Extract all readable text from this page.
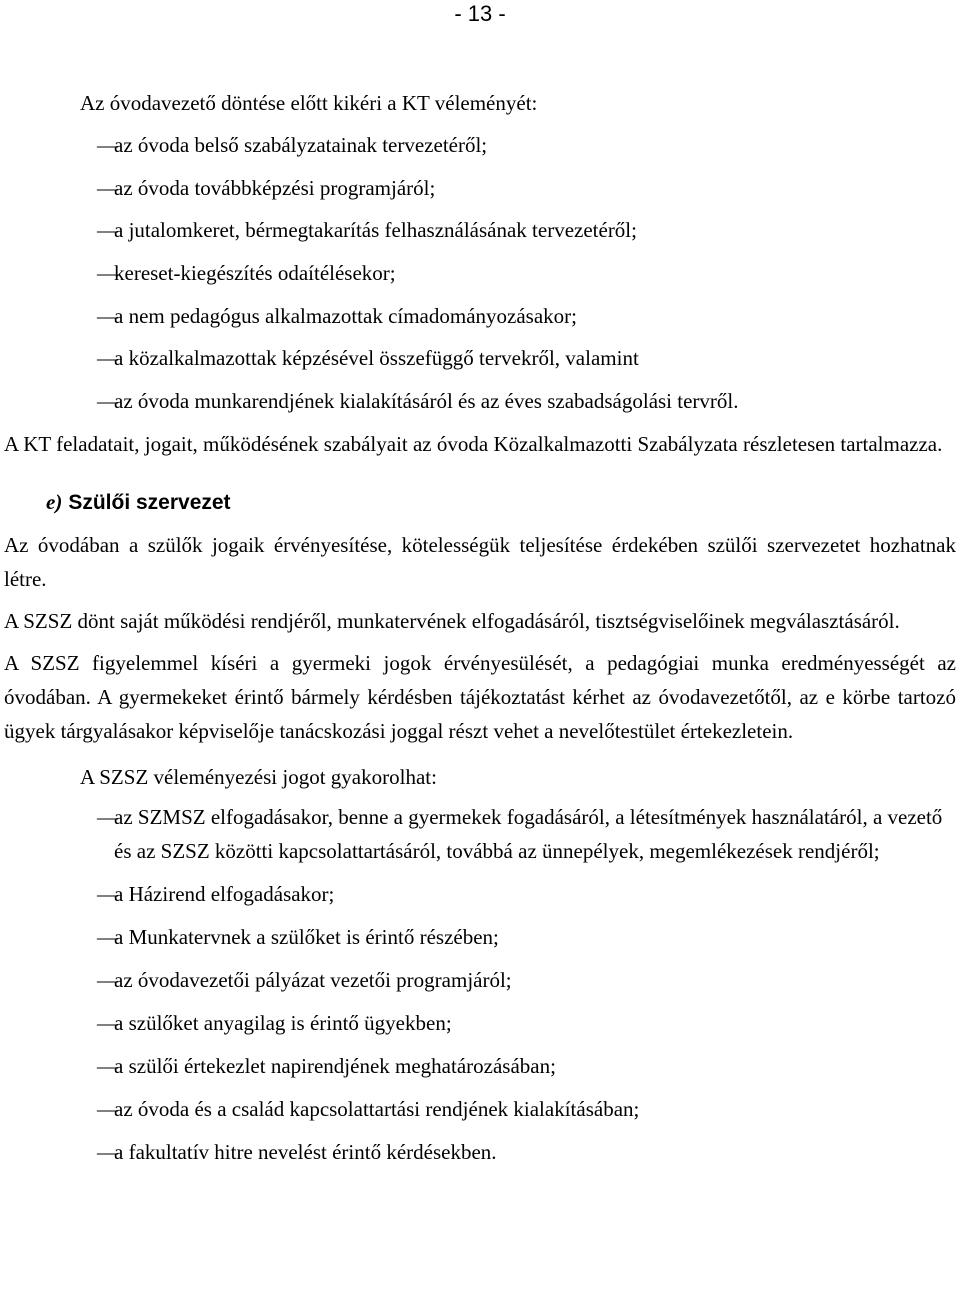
- 13 -

Az óvodavezető döntése előtt kikéri a KT véleményét:

— az óvoda belső szabályzatainak tervezetéről;
— az óvoda továbbképzési programjáról;
— a jutalomkeret, bérmegtakarítás felhasználásának tervezetéről;
— kereset-kiegészítés odaítélésekor;
— a nem pedagógus alkalmazottak címadományozásakor;
— a közalkalmazottak képzésével összefüggő tervekről, valamint
— az óvoda munkarendjének kialakításáról és az éves szabadságolási tervről.

A KT feladatait, jogait, működésének szabályait az óvoda Közalkalmazotti Szabályzata részletesen tartalmazza.

e) Szülői szervezet

Az óvodában a szülők jogaik érvényesítése, kötelességük teljesítése érdekében szülői szervezetet hozhatnak létre.

A SZSZ dönt saját működési rendjéről, munkatervének elfogadásáról, tisztségviselőinek megválasztásáról.

A SZSZ figyelemmel kíséri a gyermeki jogok érvényesülését, a pedagógiai munka eredményességét az óvodában. A gyermekeket érintő bármely kérdésben tájékoztatást kérhet az óvodavezetőtől, az e körbe tartozó ügyek tárgyalásakor képviselője tanácskozási joggal részt vehet a nevelőtestület értekezletein.

A SZSZ véleményezési jogot gyakorolhat:

— az SZMSZ elfogadásakor, benne a gyermekek fogadásáról, a létesítmények használatáról, a vezető és az SZSZ közötti kapcsolattartásáról, továbbá az ünnepélyek, megemlékezések rendjéről;
— a Házirend elfogadásakor;
— a Munkatervnek a szülőket is érintő részében;
— az óvodavezetői pályázat vezetői programjáról;
— a szülőket anyagilag is érintő ügyekben;
— a szülői értekezlet napirendjének meghatározásában;
— az óvoda és a család kapcsolattartási rendjének kialakításában;
— a fakultatív hitre nevelést érintő kérdésekben.
